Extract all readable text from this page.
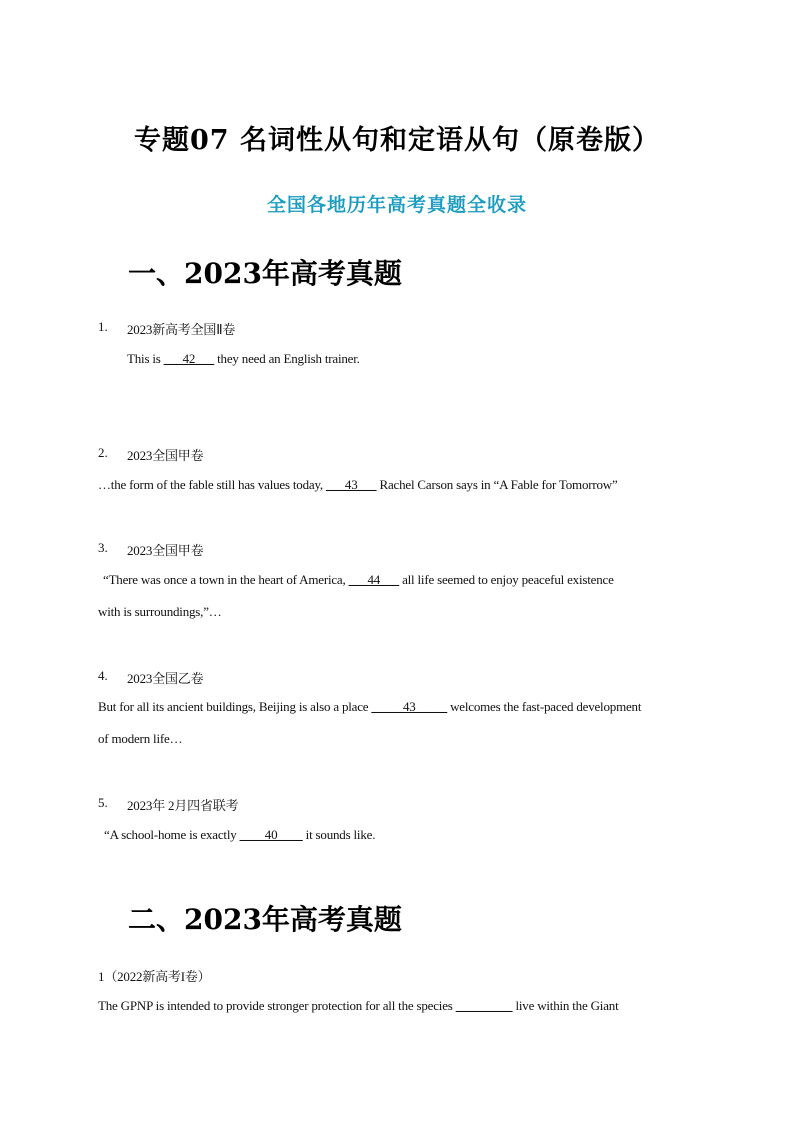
专题07 名词性从句和定语从句（原卷版）
全国各地历年高考真题全收录
一、2023年高考真题
1. 2023新高考全国Ⅱ卷
This is ___42___ they need an English trainer.
2. 2023全国甲卷
…the form of the fable still has values today, ___43___ Rachel Carson says in “A Fable for Tomorrow”
3. 2023全国甲卷
“There was once a town in the heart of America, ___44___ all life seemed to enjoy peaceful existence
with is surroundings,”…
4. 2023全国乙卷
But for all its ancient buildings, Beijing is also a place _____43_____ welcomes the fast-paced development
of modern life…
5. 2023年 2月四省联考
“A school-home is exactly ____40____ it sounds like.
二、2023年高考真题
1（2022新高考I卷）
The GPNP is intended to provide stronger protection for all the species _________ live within the Giant
